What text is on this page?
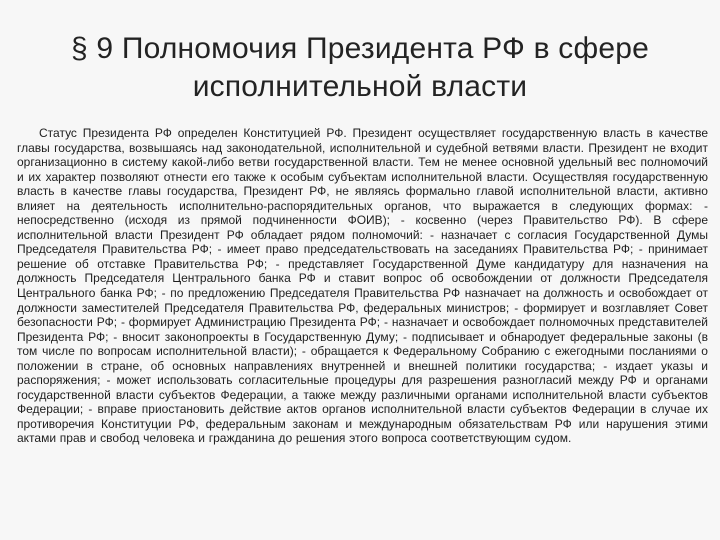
§ 9 Полномочия Президента РФ в сфере
исполнительной власти

Статус Президента РФ определен Конституцией РФ. Президент осуществляет государственную власть в качестве главы государства, возвышаясь над законодательной, исполнительной и судебной ветвями власти. Президент не входит организационно в систему какой-либо ветви государственной власти. Тем не менее основной удельный вес полномочий и их характер позволяют отнести его также к особым субъектам исполнительной власти. Осуществляя государственную власть в качестве главы государства, Президент РФ, не являясь формально главой исполнительной власти, активно влияет на деятельность исполнительно-распорядительных органов, что выражается в следующих формах: - непосредственно (исходя из прямой подчиненности ФОИВ); - косвенно (через Правительство РФ). В сфере исполнительной власти Президент РФ обладает рядом полномочий: - назначает с согласия Государственной Думы Председателя Правительства РФ; - имеет право председательствовать на заседаниях Правительства РФ; - принимает решение об отставке Правительства РФ; - представляет Государственной Думе кандидатуру для назначения на должность Председателя Центрального банка РФ и ставит вопрос об освобождении от должности Председателя Центрального банка РФ; - по предложению Председателя Правительства РФ назначает на должность и освобождает от должности заместителей Председателя Правительства РФ, федеральных министров; - формирует и возглавляет Совет безопасности РФ; - формирует Администрацию Президента РФ; - назначает и освобождает полномочных представителей Президента РФ; - вносит законопроекты в Государственную Думу; - подписывает и обнародует федеральные законы (в том числе по вопросам исполнительной власти); - обращается к Федеральному Собранию с ежегодными посланиями о положении в стране, об основных направлениях внутренней и внешней политики государства; - издает указы и распоряжения; - может использовать согласительные процедуры для разрешения разногласий между РФ и органами государственной власти субъектов Федерации, а также между различными органами исполнительной власти субъектов Федерации; - вправе приостановить действие актов органов исполнительной власти субъектов Федерации в случае их противоречия Конституции РФ, федеральным законам и международным обязательствам РФ или нарушения этими актами прав и свобод человека и гражданина до решения этого вопроса соответствующим судом.
